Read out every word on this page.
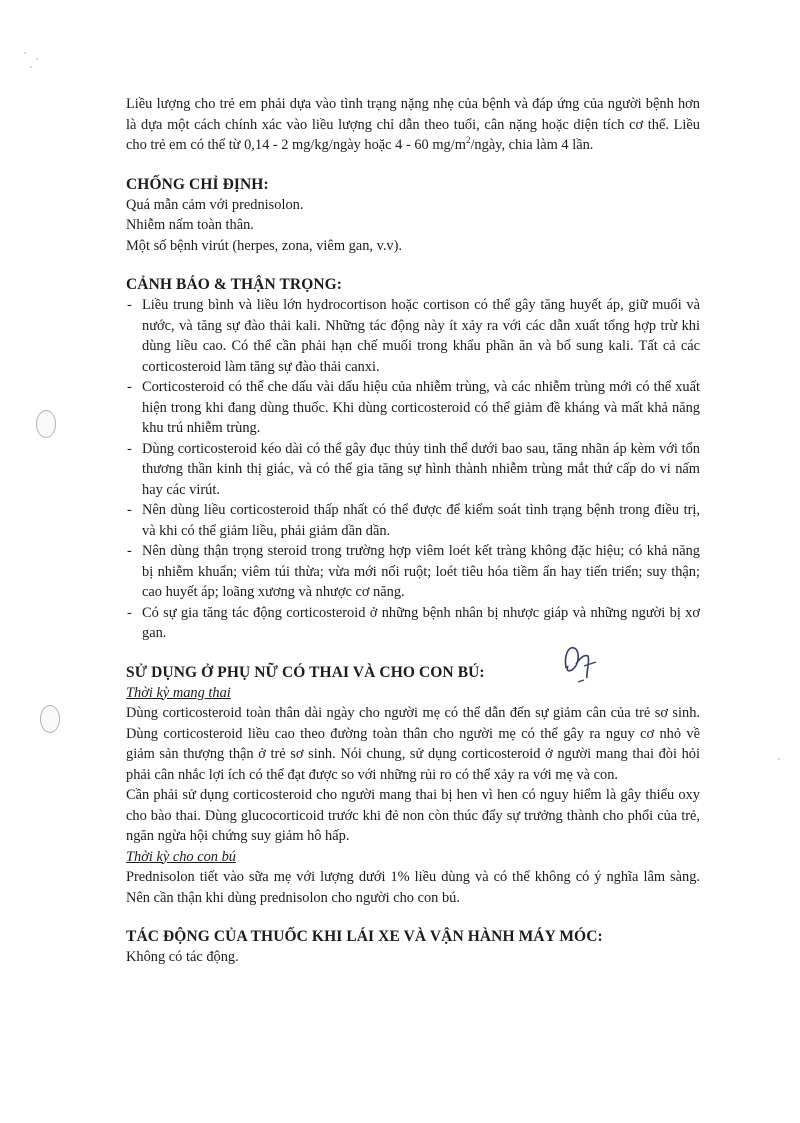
Liều lượng cho trẻ em phải dựa vào tình trạng nặng nhẹ của bệnh và đáp ứng của người bệnh hơn là dựa một cách chính xác vào liều lượng chỉ dẫn theo tuổi, cân nặng hoặc diện tích cơ thể. Liều cho trẻ em có thể từ 0,14 - 2 mg/kg/ngày hoặc 4 - 60 $mg/m^2$/ngày, chia làm 4 lần.

CHỐNG CHỈ ĐỊNH:

Quá mẫn cảm với prednisolon.

Nhiễm nấm toàn thân.

Một số bệnh virút (herpes, zona, viêm gan, v.v).

CẢNH BÁO & THẬN TRỌNG:
- Liều trung bình và liều lớn hydrocortison hoặc cortison có thể gây tăng huyết áp, giữ muối và nước, và tăng sự đào thải kali. Những tác động này ít xảy ra với các dẫn xuất tổng hợp trừ khi dùng liều cao. Có thể cần phải hạn chế muối trong khẩu phần ăn và bổ sung kali. Tất cả các corticosteroid làm tăng sự đào thải canxi.
- Corticosteroid có thể che dấu vài dấu hiệu của nhiễm trùng, và các nhiễm trùng mới có thể xuất hiện trong khi đang dùng thuốc. Khi dùng corticosteroid có thể giảm đề kháng và mất khả năng khu trú nhiễm trùng.
- Dùng corticosteroid kéo dài có thể gây đục thủy tinh thể dưới bao sau, tăng nhãn áp kèm với tổn thương thần kinh thị giác, và có thể gia tăng sự hình thành nhiễm trùng mắt thứ cấp do vi nấm hay các virút.
- Nên dùng liều corticosteroid thấp nhất có thể được để kiểm soát tình trạng bệnh trong điều trị, và khi có thể giảm liều, phải giảm dần dần.
- Nên dùng thận trọng steroid trong trường hợp viêm loét kết tràng không đặc hiệu; có khả năng bị nhiễm khuẩn; viêm túi thừa; vừa mới nối ruột; loét tiêu hóa tiềm ẩn hay tiến triển; suy thận; cao huyết áp; loãng xương và nhược cơ năng.
- Có sự gia tăng tác động corticosteroid ở những bệnh nhân bị nhược giáp và những người bị xơ gan.
SỬ DỤNG Ở PHỤ NỮ CÓ THAI VÀ CHO CON BÚ:
Thời kỳ mang thai

Dùng corticosteroid toàn thân dài ngày cho người mẹ có thể dẫn đến sự giảm cân của trẻ sơ sinh. Dùng corticosteroid liều cao theo đường toàn thân cho người mẹ có thể gây ra nguy cơ nhỏ về giảm sản thượng thận ở trẻ sơ sinh. Nói chung, sử dụng corticosteroid ở người mang thai đòi hỏi phải cân nhắc lợi ích có thể đạt được so với những rủi ro có thể xảy ra với mẹ và con.

Cần phải sử dụng corticosteroid cho người mang thai bị hen vì hen có nguy hiểm là gây thiếu oxy cho bào thai. Dùng glucocorticoid trước khi đẻ non còn thúc đẩy sự trưởng thành cho phổi của trẻ, ngăn ngừa hội chứng suy giảm hô hấp.

Thời kỳ cho con bú

Prednisolon tiết vào sữa mẹ với lượng dưới 1% liều dùng và có thể không có ý nghĩa lâm sàng. Nên cần thận khi dùng prednisolon cho người cho con bú.

TÁC ĐỘNG CỦA THUỐC KHI LÁI XE VÀ VẬN HÀNH MÁY MÓC:

Không có tác động.
